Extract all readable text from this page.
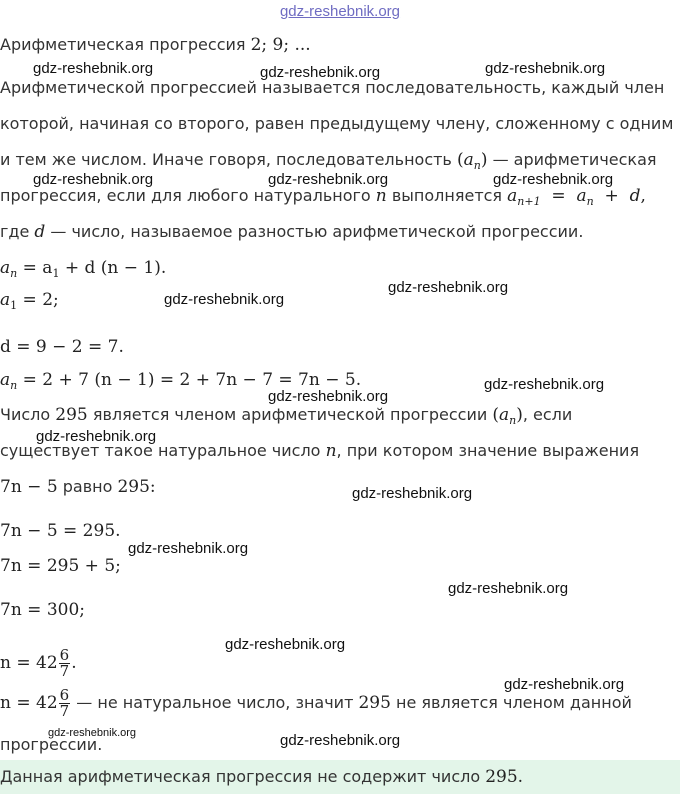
gdz-reshebnik.org
Арифметическая прогрессия 2; 9; ...
Арифметической прогрессией называется последовательность, каждый член
которой, начиная со второго, равен предыдущему члену, сложенному с одним
и тем же числом. Иначе говоря, последовательность $(a_n)$ — арифметическая
прогрессия, если для любого натурального n выполняется $a_{n+1} = a_n + d$,
где d — число, называемое разностью арифметической прогрессии.
$a_n = a_1 + d$ (n − 1).
$a_1 = 2$;
d = 9 − 2 = 7.
$a_n = 2 + 7$ (n − 1) = 2 + 7n − 7 = 7n − 5.
Число 295 является членом арифметической прогрессии $(a_n)$, если
существует такое натуральное число n, при котором значение выражения
7n − 5 равно 295:
7n − 5 = 295.
7n = 295 + 5;
7n = 300;
$n = 42 \frac{6}{7}$ .
$n = 42 \frac{6}{7}$ — не натуральное число, значит 295 не является членом данной
прогрессии.
Данная арифметическая прогрессия не содержит число 295.
gdz-reshebnik.org	gdz-reshebnik.org	gdz-reshebnik.org
gdz-reshebnik.org	gdz-reshebnik.org	gdz-reshebnik.org
gdz-reshebnik.org
gdz-reshebnik.org
gdz-reshebnik.org
gdz-reshebnik.org
gdz-reshebnik.org
gdz-reshebnik.org
gdz-reshebnik.org
gdz-reshebnik.org
gdz-reshebnik.org
gdz-reshebnik.org
gdz-reshebnik.org	gdz-reshebnik.org
